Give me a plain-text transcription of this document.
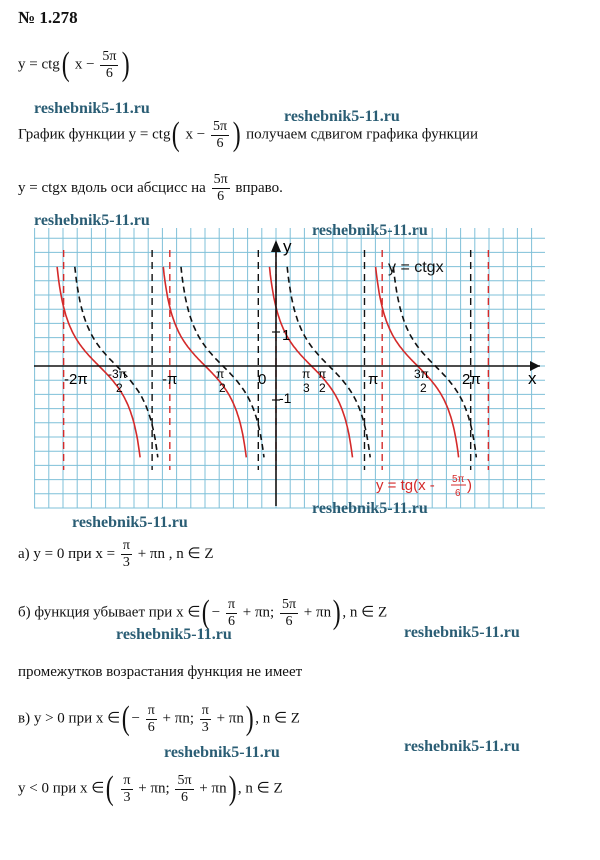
№ 1.278
y = ctg( $x - \frac{5\pi}{6}$ )
reshebnik5-11.ru	reshebnik5-11.ru
График функции y = ctg( $x - \frac{5\pi}{6}$ ) получаем сдвигом графика функции
y = ctgx вдоль оси абсцисс на $\frac{5\pi}{6}$ вправо.
reshebnik5-11.ru
x
y
0
1
-1
-2π -3π
2	-π	π
2
π
3
π
2	π	3π
2 2π
y = ctgx
y = tg(x - 5π
6 )
reshebnik5-11.ru
reshebnik5-11.ru
reshebnik5-11.ru
а) y = 0 при $x = \frac{\pi}{3} + \pi n$ , n ∈ Z
б) функция убывает при x ∈( − $\frac{\pi}{6} + \pi n$; $\frac{5\pi}{6} + \pi n$) , n ∈ Z
reshebnik5-11.ru	reshebnik5-11.ru
промежутков возрастания функция не имеет
в) y > 0 при x ∈( − $\frac{\pi}{6} + \pi n$; $\frac{\pi}{3} + \pi n$) , n ∈ Z
reshebnik5-11.ru	reshebnik5-11.ru
y < 0 при x ∈( $\frac{\pi}{3} + \pi n$; $\frac{5\pi}{6} + \pi n$) , n ∈ Z
